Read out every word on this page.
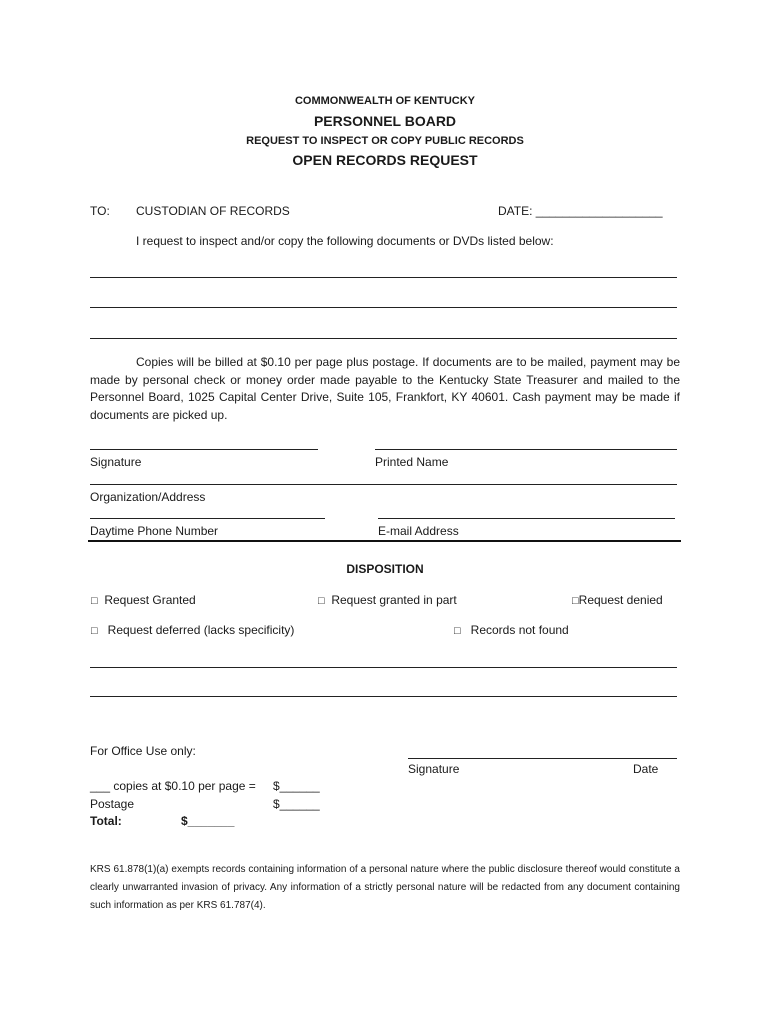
COMMONWEALTH OF KENTUCKY
PERSONNEL BOARD
REQUEST TO INSPECT OR COPY PUBLIC RECORDS
OPEN RECORDS REQUEST
TO: CUSTODIAN OF RECORDS	DATE: ___________________
I request to inspect and/or copy the following documents or DVDs listed below:
Copies will be billed at $0.10 per page plus postage. If documents are to be mailed, payment may be made by personal check or money order made payable to the Kentucky State Treasurer and mailed to the Personnel Board, 1025 Capital Center Drive, Suite 105, Frankfort, KY 40601. Cash payment may be made if documents are picked up.
Signature	Printed Name
Organization/Address
Daytime Phone Number	E-mail Address
DISPOSITION
□ Request Granted	□ Request granted in part	□Request denied
□ Request deferred (lacks specificity)	□ Records not found
For Office Use only:
Signature	Date
___ copies at $0.10 per page = $______
Postage	$______
Total:	$_______
KRS 61.878(1)(a) exempts records containing information of a personal nature where the public disclosure thereof would constitute a clearly unwarranted invasion of privacy. Any information of a strictly personal nature will be redacted from any document containing such information as per KRS 61.787(4).
